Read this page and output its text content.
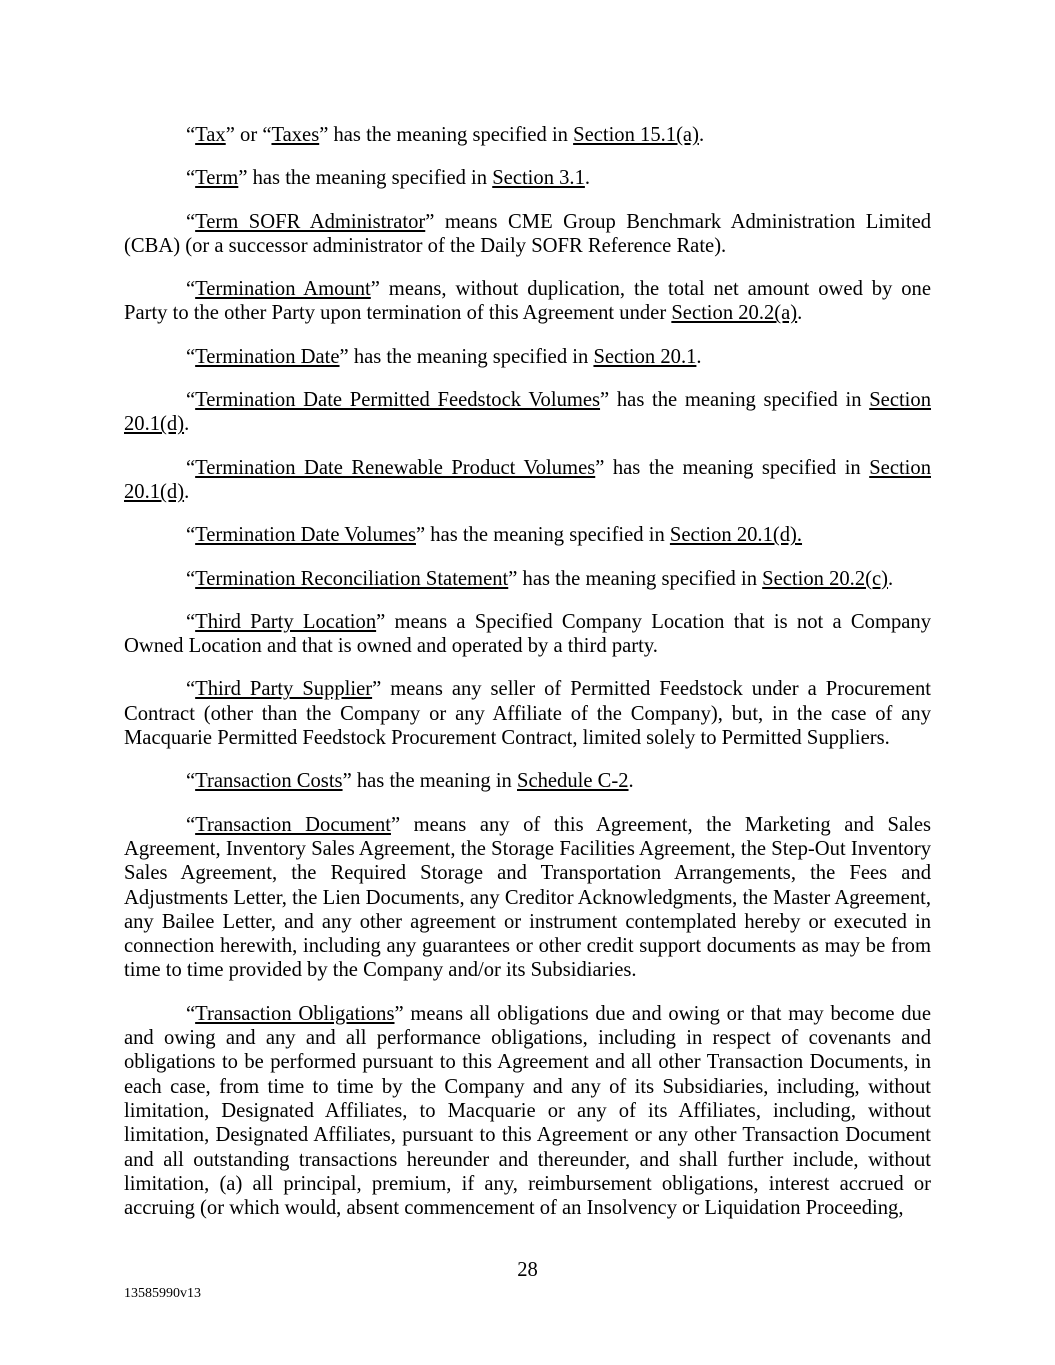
“Tax” or “Taxes” has the meaning specified in Section 15.1(a).

“Term” has the meaning specified in Section 3.1.

“Term SOFR Administrator” means CME Group Benchmark Administration Limited (CBA) (or a successor administrator of the Daily SOFR Reference Rate).

“Termination Amount” means, without duplication, the total net amount owed by one Party to the other Party upon termination of this Agreement under Section 20.2(a).

“Termination Date” has the meaning specified in Section 20.1.

“Termination Date Permitted Feedstock Volumes” has the meaning specified in Section 20.1(d).

“Termination Date Renewable Product Volumes” has the meaning specified in Section 20.1(d).

“Termination Date Volumes” has the meaning specified in Section 20.1(d).

“Termination Reconciliation Statement” has the meaning specified in Section 20.2(c).

“Third Party Location” means a Specified Company Location that is not a Company Owned Location and that is owned and operated by a third party.

“Third Party Supplier” means any seller of Permitted Feedstock under a Procurement Contract (other than the Company or any Affiliate of the Company), but, in the case of any Macquarie Permitted Feedstock Procurement Contract, limited solely to Permitted Suppliers.

“Transaction Costs” has the meaning in Schedule C-2.

“Transaction Document” means any of this Agreement, the Marketing and Sales Agreement, Inventory Sales Agreement, the Storage Facilities Agreement, the Step-Out Inventory Sales Agreement, the Required Storage and Transportation Arrangements, the Fees and Adjustments Letter, the Lien Documents, any Creditor Acknowledgments, the Master Agreement, any Bailee Letter, and any other agreement or instrument contemplated hereby or executed in connection herewith, including any guarantees or other credit support documents as may be from time to time provided by the Company and/or its Subsidiaries.

“Transaction Obligations” means all obligations due and owing or that may become due and owing and any and all performance obligations, including in respect of covenants and obligations to be performed pursuant to this Agreement and all other Transaction Documents, in each case, from time to time by the Company and any of its Subsidiaries, including, without limitation, Designated Affiliates, to Macquarie or any of its Affiliates, including, without limitation, Designated Affiliates, pursuant to this Agreement or any other Transaction Document and all outstanding transactions hereunder and thereunder, and shall further include, without limitation, (a) all principal, premium, if any, reimbursement obligations, interest accrued or accruing (or which would, absent commencement of an Insolvency or Liquidation Proceeding,

28
13585990v13
